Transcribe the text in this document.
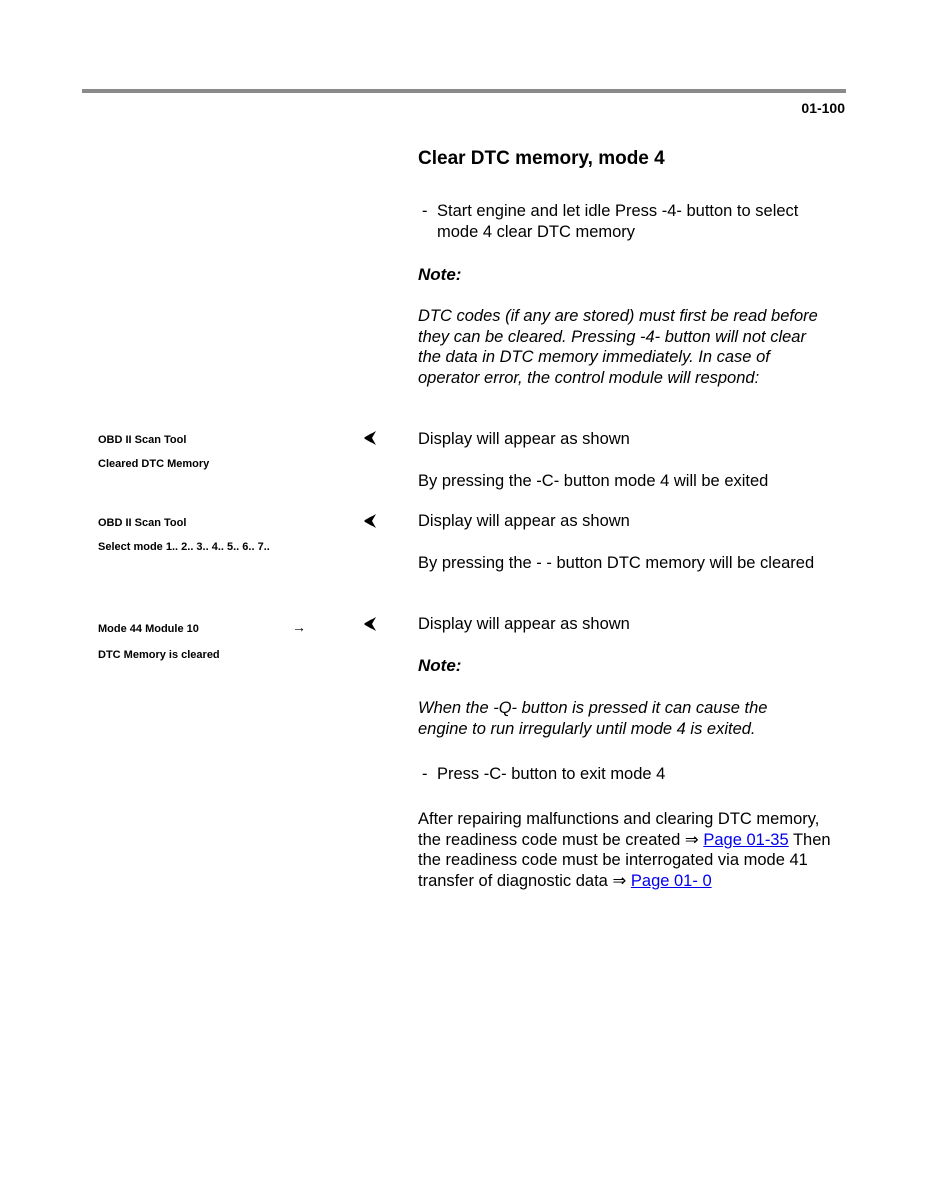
01-100
Clear DTC memory, mode 4
- Start engine and let idle Press -4- button to select mode 4 clear DTC memory
Note:
DTC codes (if any are stored) must first be read before they can be cleared. Pressing -4- button will not clear the data in DTC memory immediately. In case of operator error, the control module will respond:
OBD II Scan Tool
Cleared DTC Memory
Display will appear as shown
By pressing the -C- button mode 4 will be exited
OBD II Scan Tool
Select mode 1.. 2.. 3.. 4.. 5.. 6.. 7..
Display will appear as shown
By pressing the - - button DTC memory will be cleared
Mode 44 Module 10	→
DTC Memory is cleared
Display will appear as shown
Note:
When the -Q- button is pressed it can cause the engine to run irregularly until mode 4 is exited.
- Press -C- button to exit mode 4
After repairing malfunctions and clearing DTC memory, the readiness code must be created ⇒ Page 01-35 Then the readiness code must be interrogated via mode 41 transfer of diagnostic data ⇒ Page 01- 0
